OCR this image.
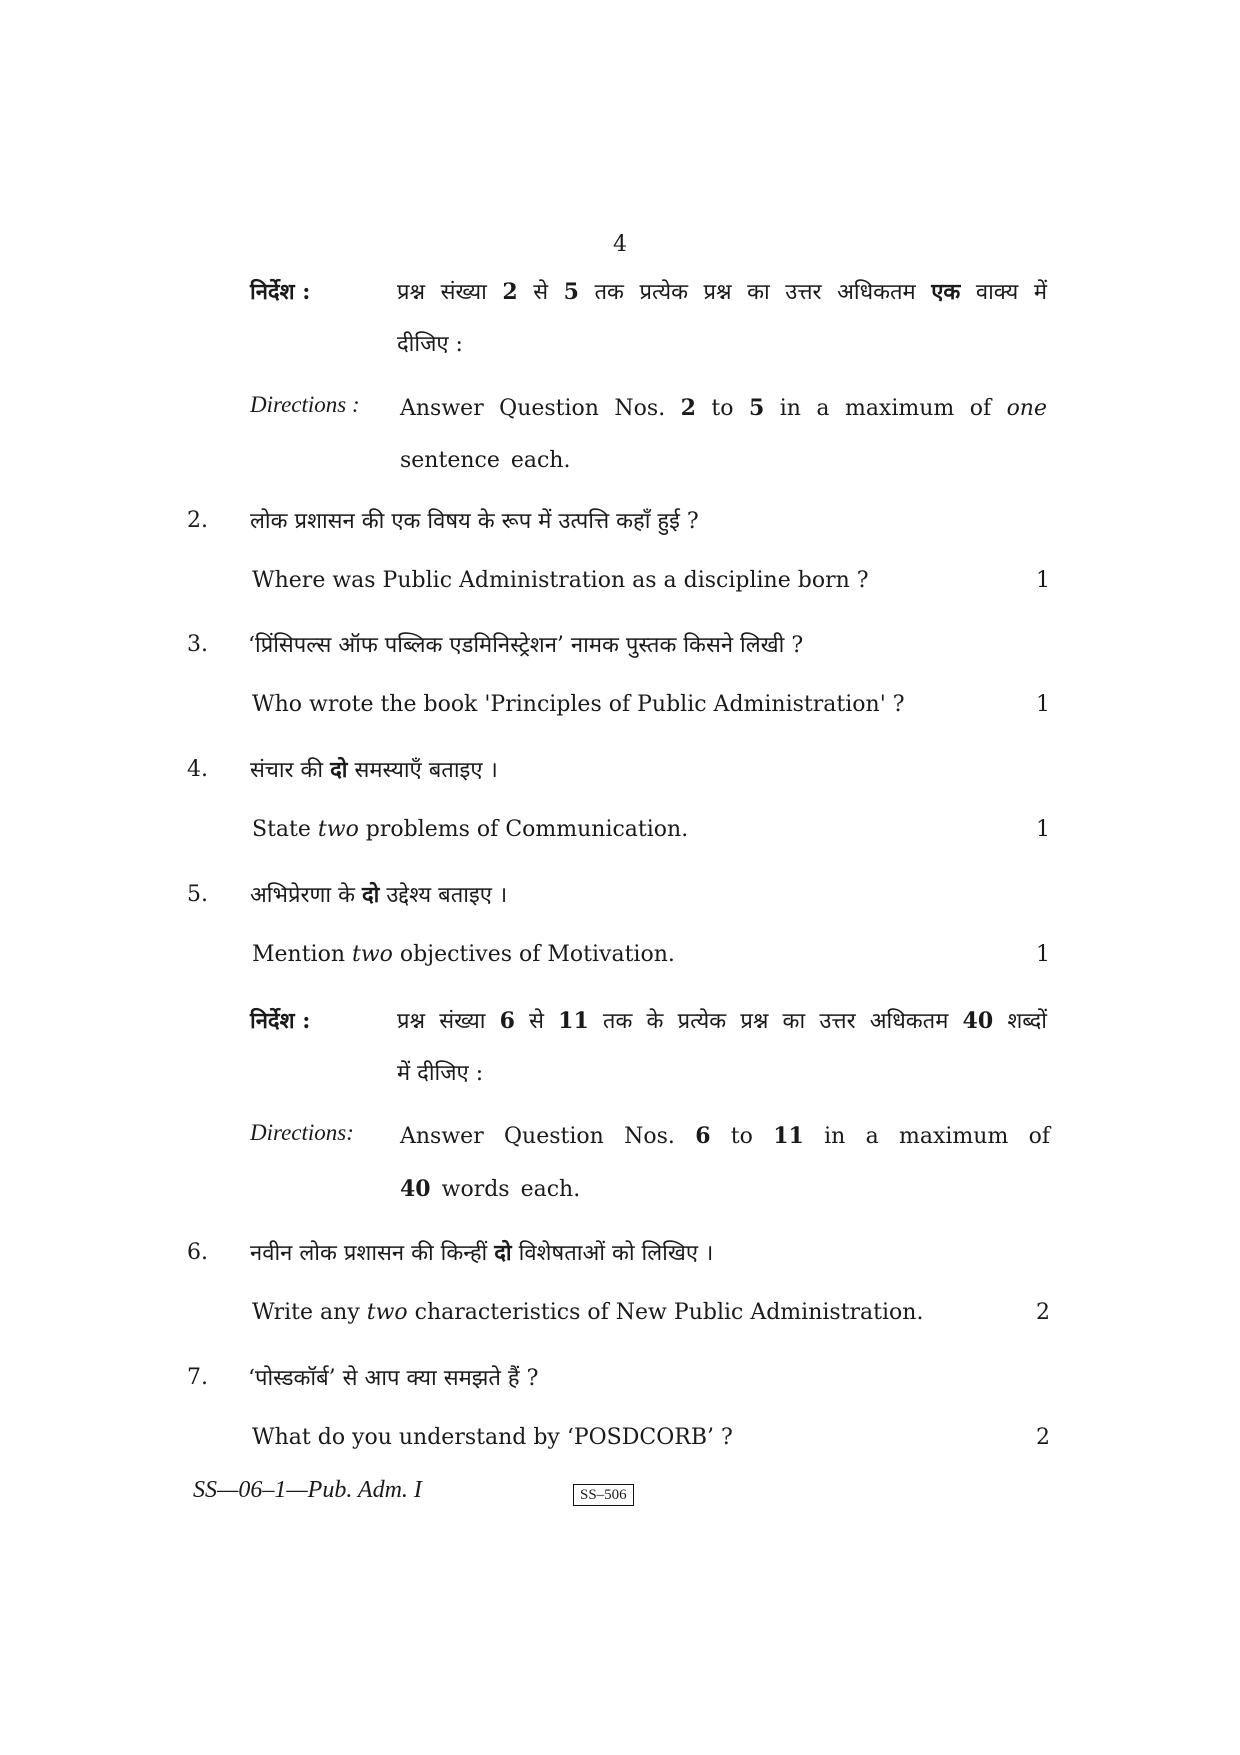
4
निर्देश :	प्रश्न संख्या 2 से 5 तक प्रत्येक प्रश्न का उत्तर अधिकतम एक वाक्य में
दीजिए :
Directions : Answer Question Nos. 2 to 5 in a maximum of one
sentence each.
2. लोक प्रशासन की एक विषय के रूप में उत्पत्ति कहाँ हुई ?
Where was Public Administration as a discipline born ?	1
3. ‘प्रिंसिपल्स ऑफ पब्लिक एडमिनिस्ट्रेशन’ नामक पुस्तक किसने लिखी ?
Who wrote the book 'Principles of Public Administration' ?	1
4. संचार की दो समस्याएँ बताइए ।
State two problems of Communication.	1
5. अभिप्रेरणा के दो उद्देश्य बताइए ।
Mention two objectives of Motivation.	1
निर्देश :	प्रश्न संख्या 6 से 11 तक के प्रत्येक प्रश्न का उत्तर अधिकतम 40 शब्दों
में दीजिए :
Directions: Answer Question Nos. 6 to 11 in a maximum of
40 words each.
6. नवीन लोक प्रशासन की किन्हीं दो विशेषताओं को लिखिए ।
Write any two characteristics of New Public Administration.	2
7. ‘पोस्डकॉर्ब’ से आप क्या समझते हैं ?
What do you understand by ‘POSDCORB’ ?	2
SS—06–1—Pub. Adm. I	SS–506
